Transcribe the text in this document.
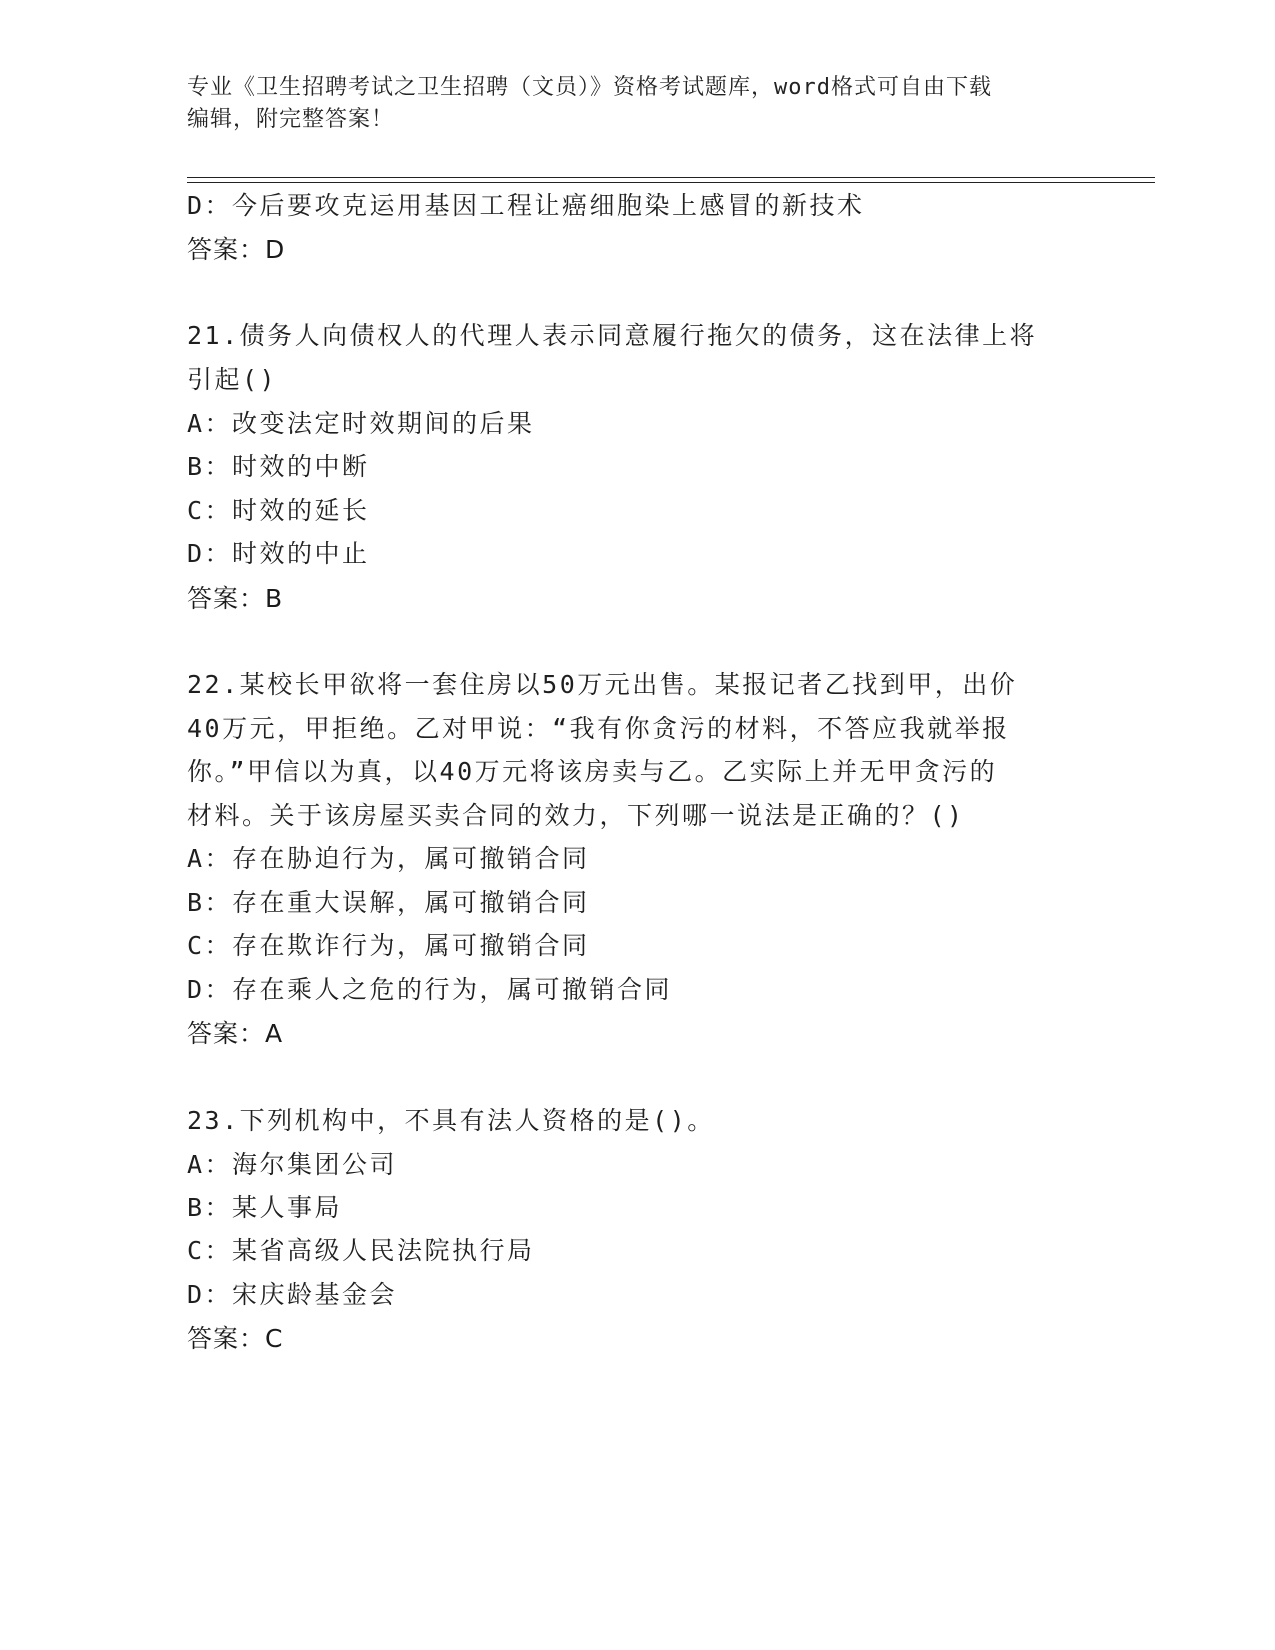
专业《卫生招聘考试之卫生招聘（文员）》资格考试题库，word格式可自由下载
编辑，附完整答案！
D：今后要攻克运用基因工程让癌细胞染上感冒的新技术
答案：D
21.债务人向债权人的代理人表示同意履行拖欠的债务，这在法律上将
引起()
A：改变法定时效期间的后果
B：时效的中断
C：时效的延长
D：时效的中止
答案：B
22.某校长甲欲将一套住房以50万元出售。某报记者乙找到甲，出价
40万元，甲拒绝。乙对甲说：“我有你贪污的材料，不答应我就举报
你。”甲信以为真，以40万元将该房卖与乙。乙实际上并无甲贪污的
材料。关于该房屋买卖合同的效力，下列哪一说法是正确的？()
A：存在胁迫行为，属可撤销合同
B：存在重大误解，属可撤销合同
C：存在欺诈行为，属可撤销合同
D：存在乘人之危的行为，属可撤销合同
答案：A
23.下列机构中，不具有法人资格的是()。
A：海尔集团公司
B：某人事局
C：某省高级人民法院执行局
D：宋庆龄基金会
答案：C
